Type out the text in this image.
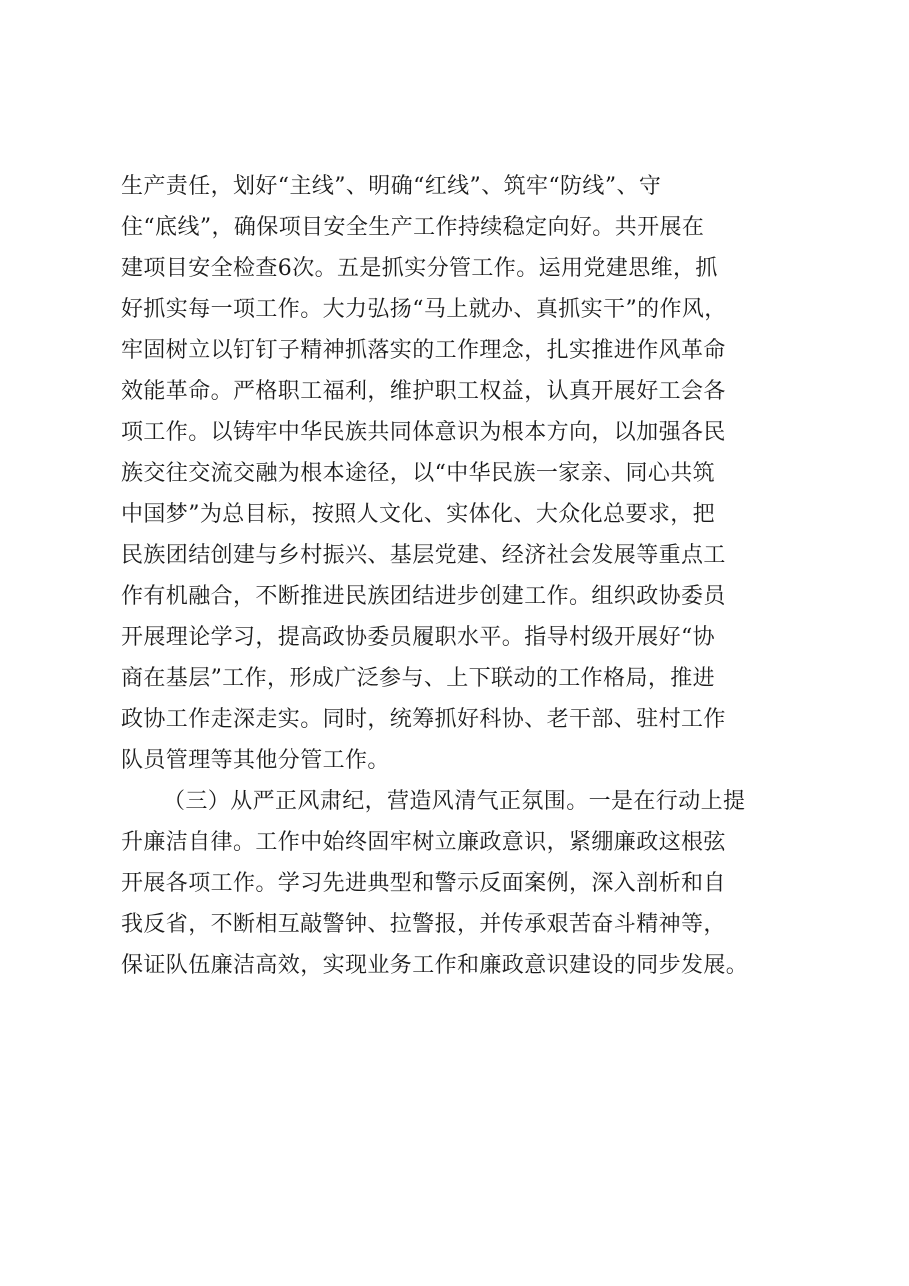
生产责任，划好“主线”、明确“红线”、筑牢“防线”、守
住“底线”，确保项目安全生产工作持续稳定向好。共开展在
建项目安全检查6次。五是抓实分管工作。运用党建思维，抓
好抓实每一项工作。大力弘扬“马上就办、真抓实干”的作风，
牢固树立以钉钉子精神抓落实的工作理念，扎实推进作风革命
效能革命。严格职工福利，维护职工权益，认真开展好工会各
项工作。以铸牢中华民族共同体意识为根本方向，以加强各民
族交往交流交融为根本途径，以“中华民族一家亲、同心共筑
中国梦”为总目标，按照人文化、实体化、大众化总要求，把
民族团结创建与乡村振兴、基层党建、经济社会发展等重点工
作有机融合，不断推进民族团结进步创建工作。组织政协委员
开展理论学习，提高政协委员履职水平。指导村级开展好“协
商在基层”工作，形成广泛参与、上下联动的工作格局，推进
政协工作走深走实。同时，统筹抓好科协、老干部、驻村工作
队员管理等其他分管工作。
（三）从严正风肃纪，营造风清气正氛围。一是在行动上提
升廉洁自律。工作中始终固牢树立廉政意识，紧绷廉政这根弦
开展各项工作。学习先进典型和警示反面案例，深入剖析和自
我反省，不断相互敲警钟、拉警报，并传承艰苦奋斗精神等，
保证队伍廉洁高效，实现业务工作和廉政意识建设的同步发展。
